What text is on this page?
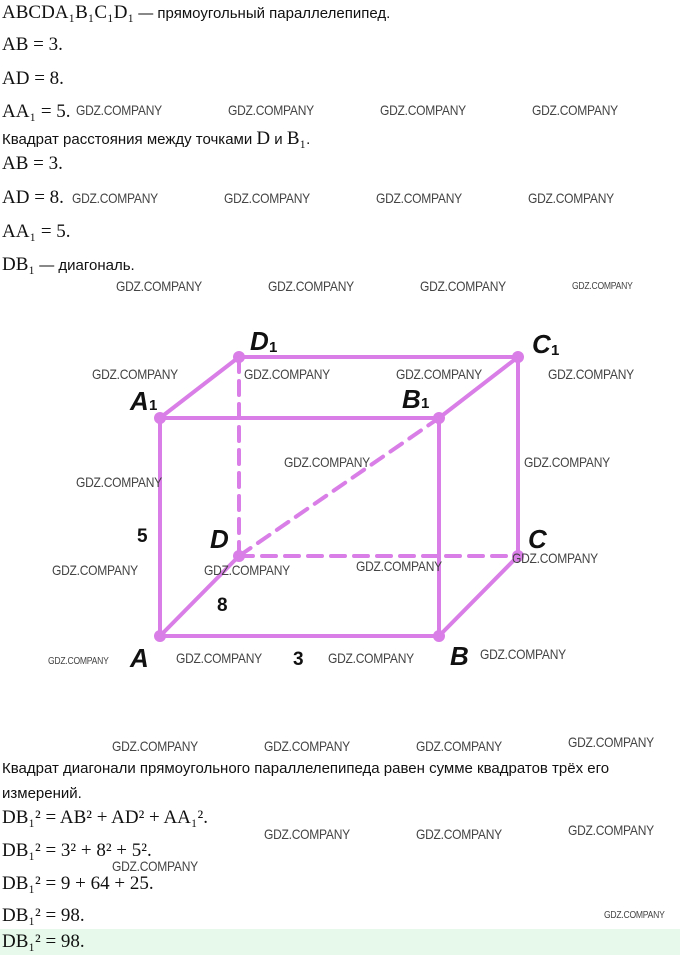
ABCDA₁B₁C₁D₁ — прямоугольный параллелепипед.
AB = 3.
AD = 8.
AA₁ = 5.
Квадрат расстояния между точками D и B₁.
AB = 3.
AD = 8.
AA₁ = 5.
DB₁ — диагональ.
A	B
C
D
A 1	B 1
C 1
D 1
5
8
3
Квадрат диагонали прямоугольного параллелепипеда равен сумме квадратов трёх его
измерений.
DB₁² = AB² + AD² + AA₁².
DB₁² = 3² + 8² + 5².
DB₁² = 9 + 64 + 25.
DB₁² = 98.
DB₁² = 98.
GDZ.COMPANY	GDZ.COMPANY	GDZ.COMPANY	GDZ.COMPANY
GDZ.COMPANY	GDZ.COMPANY	GDZ.COMPANY	GDZ.COMPANY
GDZ.COMPANY	GDZ.COMPANY	GDZ.COMPANY	GDZ.COMPANY
GDZ.COMPANY	GDZ.COMPANY	GDZ.COMPANY	GDZ.COMPANY
GDZ.COMPANY	GDZ.COMPANY
GDZ.COMPANY
GDZ.COMPANY
GDZ.COMPANY
GDZ.COMPANY	GDZ.COMPANY
GDZ.COMPANY
GDZ.COMPANY	GDZ.COMPANY	GDZ.COMPANY
GDZ.COMPANY
GDZ.COMPANY	GDZ.COMPANY	GDZ.COMPANY
GDZ.COMPANY
GDZ.COMPANY	GDZ.COMPANY
GDZ.COMPANY
GDZ.COMPANY
